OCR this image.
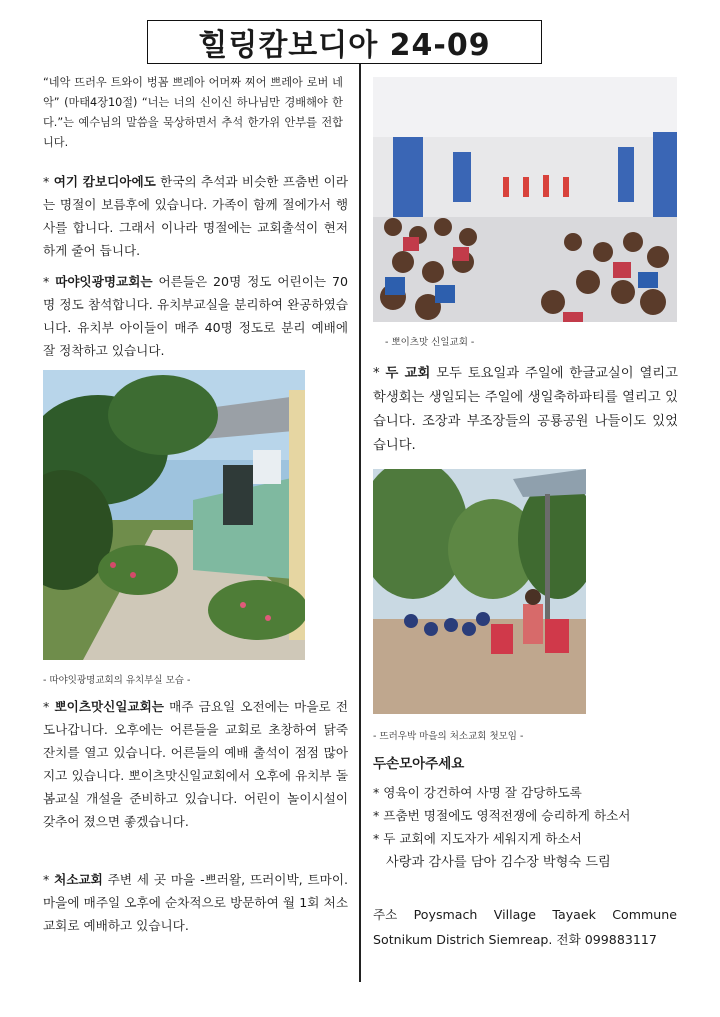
힐링캄보디아 24-09

“네악 뜨러우 트와이 벙꼼 쁘레아 어머짜 찌어 쁘레아 로버 네악” (마태4장10절) “너는 너의 신이신 하나님만 경배해야 한다.”는 예수님의 말씀을 묵상하면서 추석 한가위 안부를 전합니다.

* 여기 캄보디아에도 한국의 추석과 비슷한 프춤번 이라는 명절이 보름후에 있습니다. 가족이 함께 절에가서 행사를 합니다. 그래서 이나라 명절에는 교회출석이 현저하게 줄어 듭니다.

* 따야잇광명교회는 어른들은 20명 정도 어린이는 70명 정도 참석합니다. 유치부교실을 분리하여 완공하였습니다. 유치부 아이들이 매주 40명 정도로 분리 예배에 잘 정착하고 있습니다.

- 따야잇광명교회의 유치부실 모습 -

* 뽀이츠맛신일교회는 매주 금요일 오전에는 마을로 전도나갑니다. 오후에는 어른들을 교회로 초창하여 닭죽 잔치를 열고 있습니다. 어른들의 예배 출석이 점점 많아지고 있습니다. 뽀이츠맛신일교회에서 오후에 유치부 돌봄교실 개설을 준비하고 있습니다. 어린이 놀이시설이 갖추어 졌으면 좋겠습니다.

* 처소교회 주변 세 곳 마을 -쁘러왈, 뜨러이박, 트마이. 마을에 매주일 오후에 순차적으로 방문하여 월 1회 처소교회로 예배하고 있습니다.

- 뽀이츠맛 신일교회 -

* 두 교회 모두 토요일과 주일에 한글교실이 열리고 학생회는 생일되는 주일에 생일축하파티를 열리고 있습니다. 조장과 부조장들의 공룡공원 나들이도 있었습니다.

- 뜨러우박 마을의 처소교회 첫모임 -

두손모아주세요

* 영육이 강건하여 사명 잘 감당하도록

* 프춤번 명절에도 영적전쟁에 승리하게 하소서

* 두 교회에 지도자가 세워지게 하소서

사랑과 감사를 담아 김수장 박형숙 드림

주소 Poysmach Village Tayaek Commune Sotnikum Districh Siemreap. 전화 099883117
